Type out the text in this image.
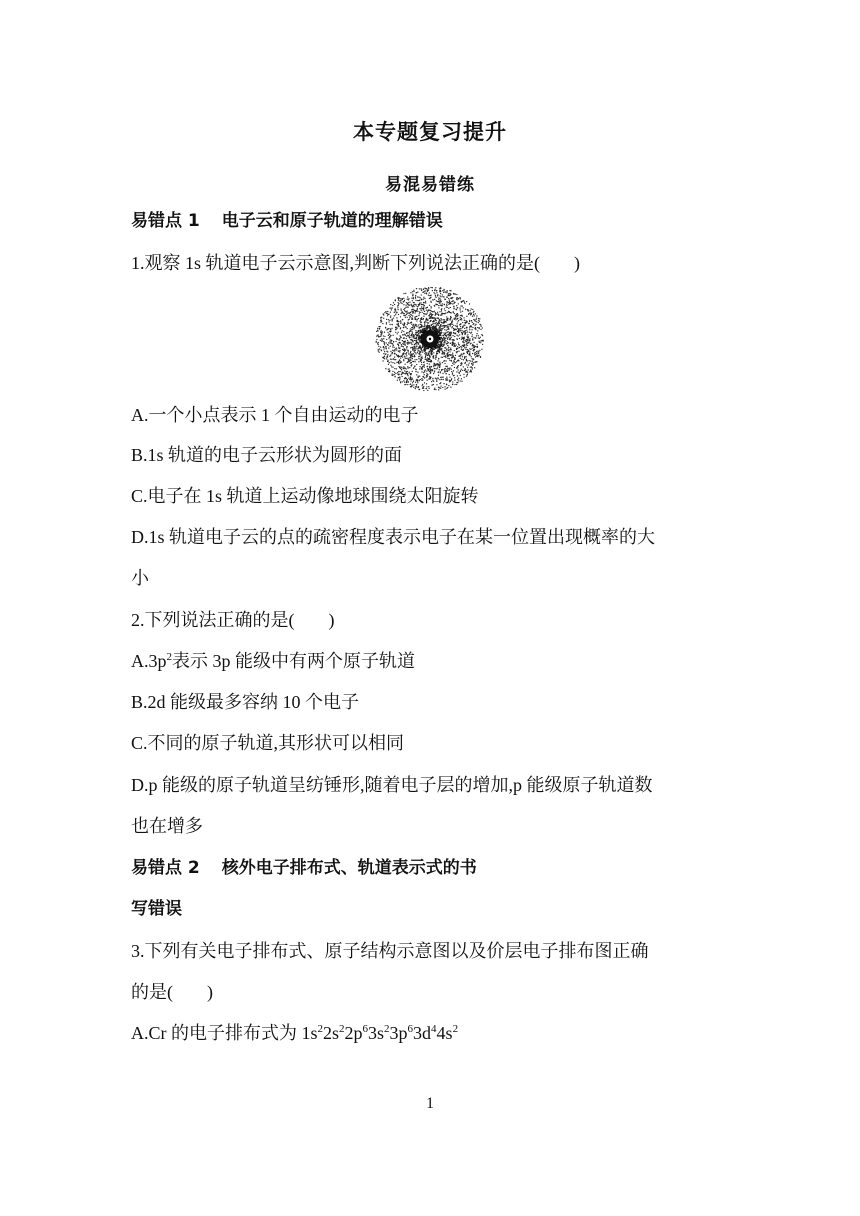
本专题复习提升
易混易错练
易错点 1 电子云和原子轨道的理解错误
1.观察 1s 轨道电子云示意图,判断下列说法正确的是( )
A.一个小点表示 1 个自由运动的电子
B.1s 轨道的电子云形状为圆形的面
C.电子在 1s 轨道上运动像地球围绕太阳旋转
D.1s 轨道电子云的点的疏密程度表示电子在某一位置出现概率的大
小
2.下列说法正确的是( )
$A.3p^2$表示 3p 能级中有两个原子轨道
B.2d 能级最多容纳 10 个电子
C.不同的原子轨道,其形状可以相同
D.p 能级的原子轨道呈纺锤形,随着电子层的增加,p 能级原子轨道数
也在增多
易错点 2 核外电子排布式、轨道表示式的书
写错误
3.下列有关电子排布式、原子结构示意图以及价层电子排布图正确
的是( )
A.Cr 的电子排布式为 $1s^22s^22p^63s^23p^63d^44s^2$
1
